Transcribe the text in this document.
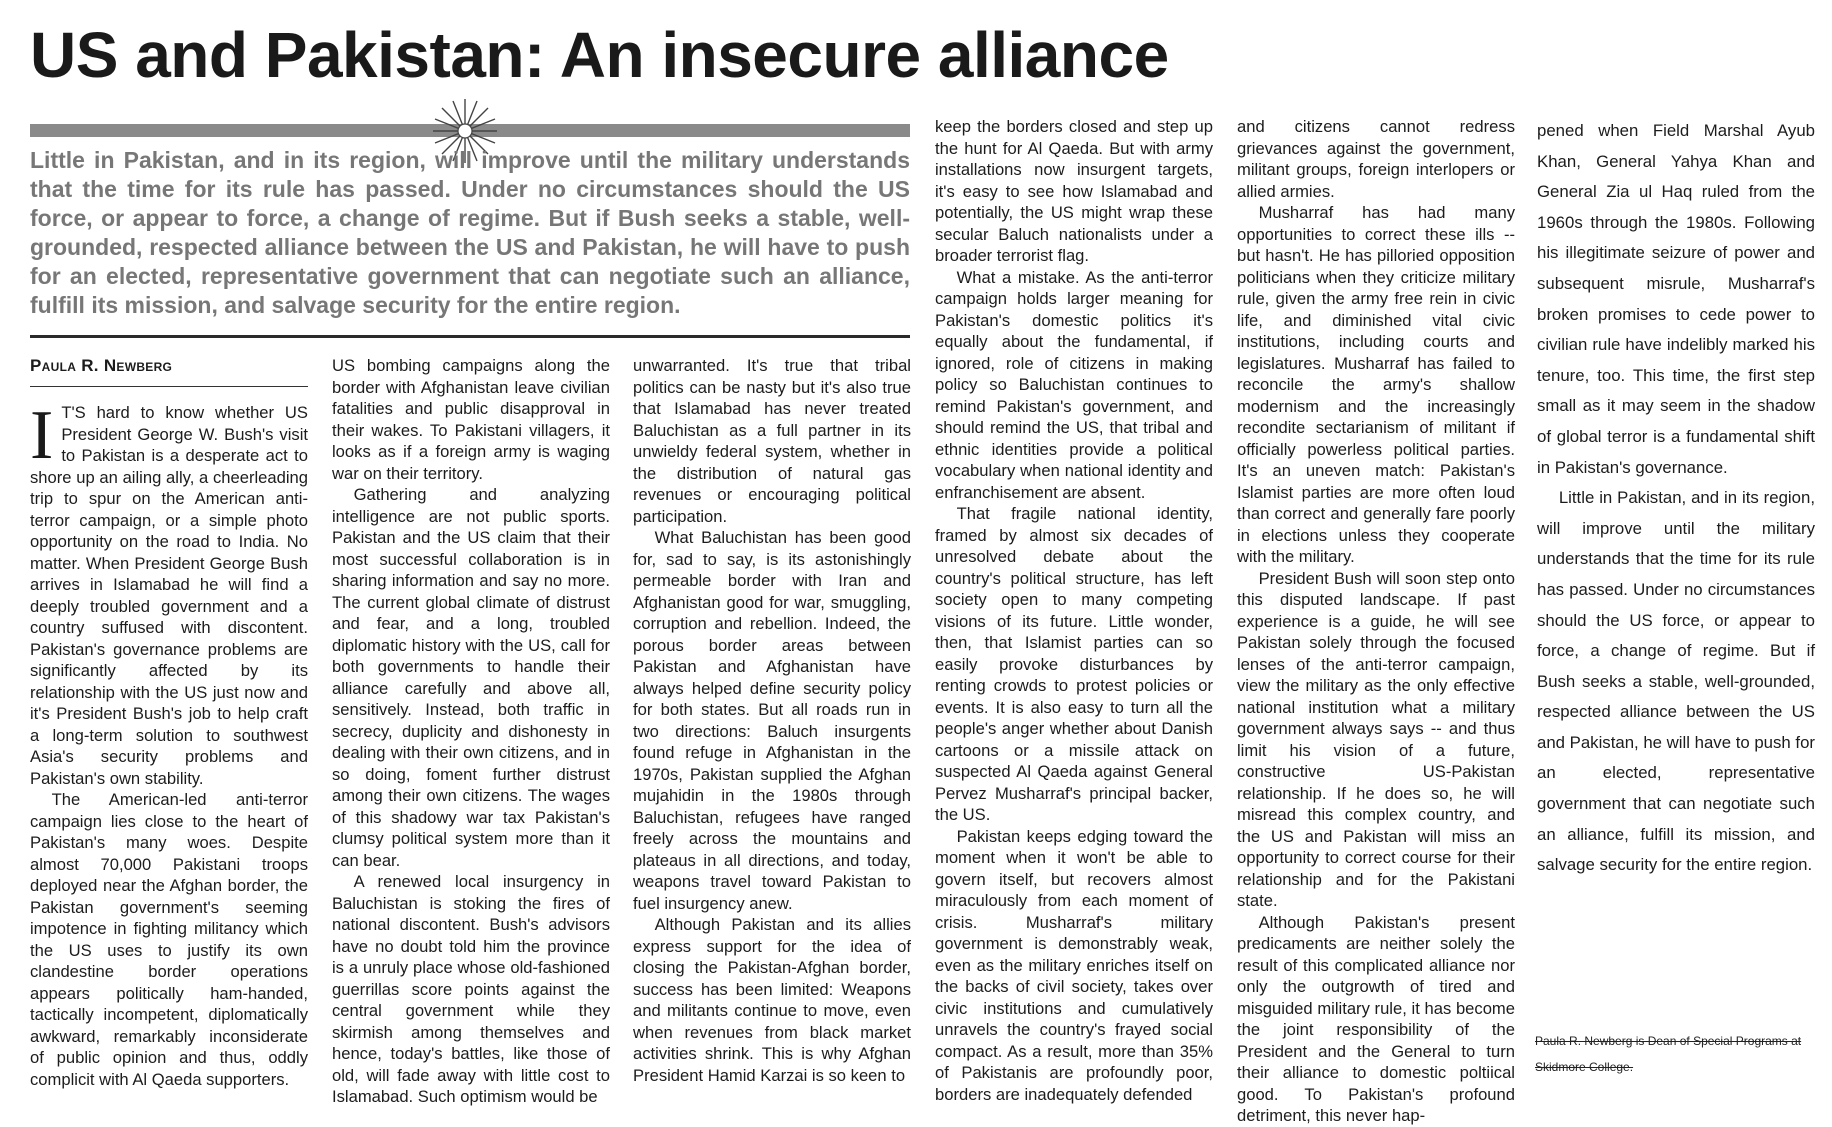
US and Pakistan: An insecure alliance

Little in Pakistan, and in its region, will improve until the military understands that the time for its rule has passed. Under no circumstances should the US force, or appear to force, a change of regime. But if Bush seeks a stable, well-grounded, respected alliance between the US and Pakistan, he will have to push for an elected, representative government that can negotiate such an alliance, fulfill its mission, and salvage security for the entire region.

Paula R. Newberg
I T'S hard to know whether US President George W. Bush's visit to Pakistan is a desperate act to shore up an ailing ally, a cheerleading trip to spur on the American anti-terror campaign, or a simple photo opportunity on the road to India. No matter. When President George Bush arrives in Islamabad he will find a deeply troubled government and a country suffused with discontent. Pakistan's governance problems are significantly affected by its relationship with the US just now and it's President Bush's job to help craft a long-term solution to southwest Asia's security problems and Pakistan's own stability.

The American-led anti-terror campaign lies close to the heart of Pakistan's many woes. Despite almost 70,000 Pakistani troops deployed near the Afghan border, the Pakistan government's seeming impotence in fighting militancy which the US uses to justify its own clandestine border operations appears politically ham-handed, tactically incompetent, diplomatically awkward, remarkably inconsiderate of public opinion and thus, oddly complicit with Al Qaeda supporters.

US bombing campaigns along the border with Afghanistan leave civilian fatalities and public disapproval in their wakes. To Pakistani villagers, it looks as if a foreign army is waging war on their territory.

Gathering and analyzing intelligence are not public sports. Pakistan and the US claim that their most successful collaboration is in sharing information and say no more. The current global climate of distrust and fear, and a long, troubled diplomatic history with the US, call for both governments to handle their alliance carefully and above all, sensitively. Instead, both traffic in secrecy, duplicity and dishonesty in dealing with their own citizens, and in so doing, foment further distrust among their own citizens. The wages of this shadowy war tax Pakistan's clumsy political system more than it can bear.

A renewed local insurgency in Baluchistan is stoking the fires of national discontent. Bush's advisors have no doubt told him the province is a unruly place whose old-fashioned guerrillas score points against the central government while they skirmish among themselves and hence, today's battles, like those of old, will fade away with little cost to Islamabad. Such optimism would be

unwarranted. It's true that tribal politics can be nasty but it's also true that Islamabad has never treated Baluchistan as a full partner in its unwieldy federal system, whether in the distribution of natural gas revenues or encouraging political participation.

What Baluchistan has been good for, sad to say, is its astonishingly permeable border with Iran and Afghanistan good for war, smuggling, corruption and rebellion. Indeed, the porous border areas between Pakistan and Afghanistan have always helped define security policy for both states. But all roads run in two directions: Baluch insurgents found refuge in Afghanistan in the 1970s, Pakistan supplied the Afghan mujahidin in the 1980s through Baluchistan, refugees have ranged freely across the mountains and plateaus in all directions, and today, weapons travel toward Pakistan to fuel insurgency anew.

Although Pakistan and its allies express support for the idea of closing the Pakistan-Afghan border, success has been limited: Weapons and militants continue to move, even when revenues from black market activities shrink. This is why Afghan President Hamid Karzai is so keen to

keep the borders closed and step up the hunt for Al Qaeda. But with army installations now insurgent targets, it's easy to see how Islamabad and potentially, the US might wrap these secular Baluch nationalists under a broader terrorist flag.

What a mistake. As the anti-terror campaign holds larger meaning for Pakistan's domestic politics it's equally about the fundamental, if ignored, role of citizens in making policy so Baluchistan continues to remind Pakistan's government, and should remind the US, that tribal and ethnic identities provide a political vocabulary when national identity and enfranchisement are absent.

That fragile national identity, framed by almost six decades of unresolved debate about the country's political structure, has left society open to many competing visions of its future. Little wonder, then, that Islamist parties can so easily provoke disturbances by renting crowds to protest policies or events. It is also easy to turn all the people's anger whether about Danish cartoons or a missile attack on suspected Al Qaeda against General Pervez Musharraf's principal backer, the US.

Pakistan keeps edging toward the moment when it won't be able to govern itself, but recovers almost miraculously from each moment of crisis. Musharraf's military government is demonstrably weak, even as the military enriches itself on the backs of civil society, takes over civic institutions and cumulatively unravels the country's frayed social compact. As a result, more than 35% of Pakistanis are profoundly poor, borders are inadequately defended

and citizens cannot redress grievances against the government, militant groups, foreign interlopers or allied armies.

Musharraf has had many opportunities to correct these ills -- but hasn't. He has pilloried opposition politicians when they criticize military rule, given the army free rein in civic life, and diminished vital civic institutions, including courts and legislatures. Musharraf has failed to reconcile the army's shallow modernism and the increasingly recondite sectarianism of militant if officially powerless political parties. It's an uneven match: Pakistan's Islamist parties are more often loud than correct and generally fare poorly in elections unless they cooperate with the military.

President Bush will soon step onto this disputed landscape. If past experience is a guide, he will see Pakistan solely through the focused lenses of the anti-terror campaign, view the military as the only effective national institution what a military government always says -- and thus limit his vision of a future, constructive US-Pakistan relationship. If he does so, he will misread this complex country, and the US and Pakistan will miss an opportunity to correct course for their relationship and for the Pakistani state.

Although Pakistan's present predicaments are neither solely the result of this complicated alliance nor only the outgrowth of tired and misguided military rule, it has become the joint responsibility of the President and the General to turn their alliance to domestic poltiical good. To Pakistan's profound detriment, this never hap-

pened when Field Marshal Ayub Khan, General Yahya Khan and General Zia ul Haq ruled from the 1960s through the 1980s. Following his illegitimate seizure of power and subsequent misrule, Musharraf's broken promises to cede power to civilian rule have indelibly marked his tenure, too. This time, the first step small as it may seem in the shadow of global terror is a fundamental shift in Pakistan's governance.

Little in Pakistan, and in its region, will improve until the military understands that the time for its rule has passed. Under no circumstances should the US force, or appear to force, a change of regime. But if Bush seeks a stable, well-grounded, respected alliance between the US and Pakistan, he will have to push for an elected, representative government that can negotiate such an alliance, fulfill its mission, and salvage security for the entire region.

Paula R. Newberg is Dean of Special Programs at Skidmore College.
